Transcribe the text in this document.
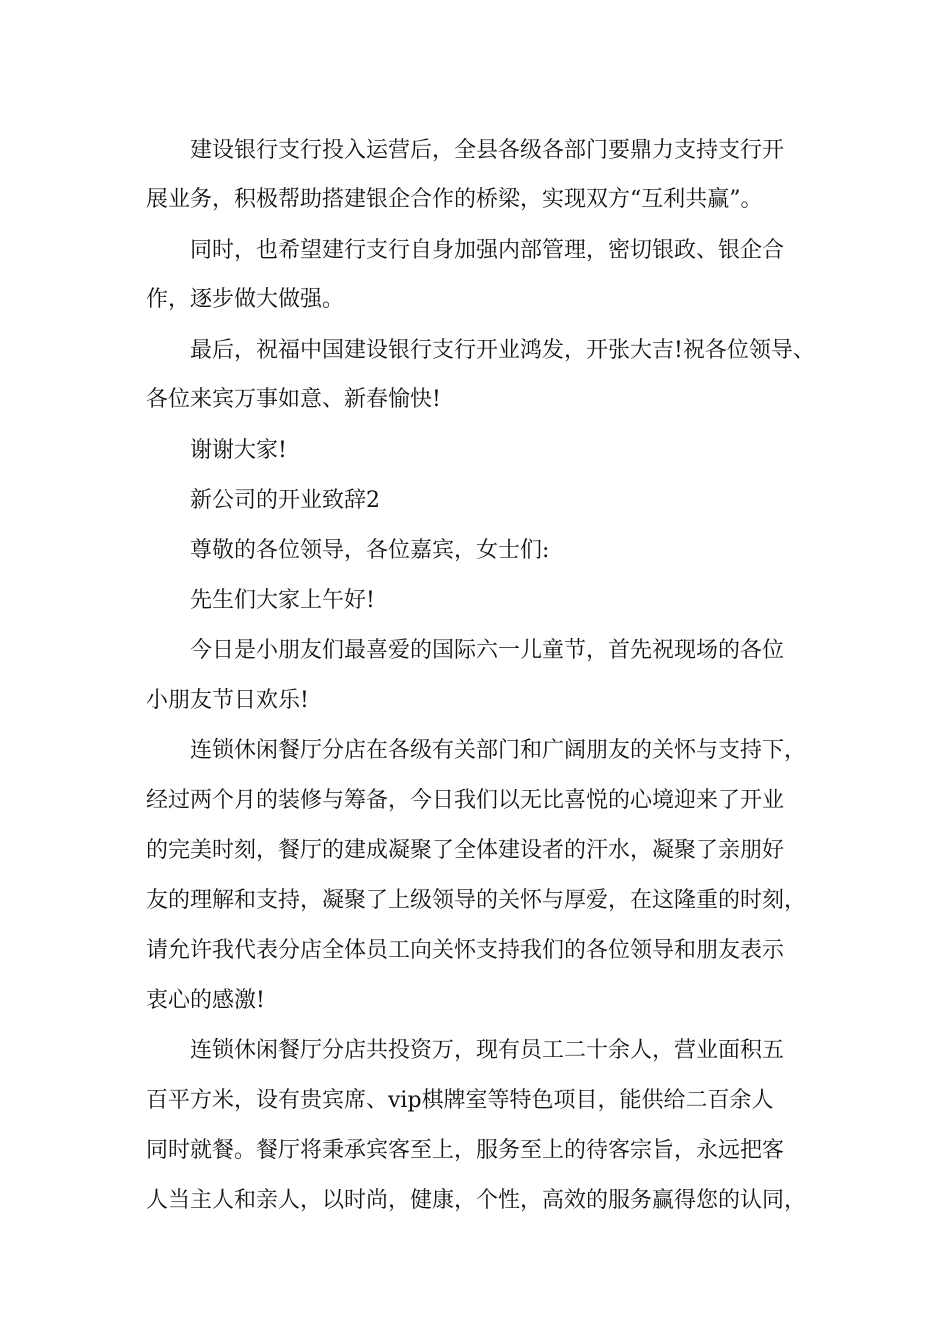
建设银行支行投入运营后，全县各级各部门要鼎力支持支行开
展业务，积极帮助搭建银企合作的桥梁，实现双方“互利共赢”。
同时，也希望建行支行自身加强内部管理，密切银政、银企合
作，逐步做大做强。
最后，祝福中国建设银行支行开业鸿发，开张大吉!祝各位领导、
各位来宾万事如意、新春愉快!
谢谢大家!
新公司的开业致辞2
尊敬的各位领导，各位嘉宾，女士们:
先生们大家上午好!
今日是小朋友们最喜爱的国际六一儿童节，首先祝现场的各位
小朋友节日欢乐!
连锁休闲餐厅分店在各级有关部门和广阔朋友的关怀与支持下，
经过两个月的装修与筹备，今日我们以无比喜悦的心境迎来了开业
的完美时刻，餐厅的建成凝聚了全体建设者的汗水，凝聚了亲朋好
友的理解和支持，凝聚了上级领导的关怀与厚爱，在这隆重的时刻，
请允许我代表分店全体员工向关怀支持我们的各位领导和朋友表示
衷心的感激!
连锁休闲餐厅分店共投资万，现有员工二十余人，营业面积五
百平方米，设有贵宾席、vip棋牌室等特色项目，能供给二百余人
同时就餐。餐厅将秉承宾客至上，服务至上的待客宗旨，永远把客
人当主人和亲人，以时尚，健康，个性，高效的服务赢得您的认同，
